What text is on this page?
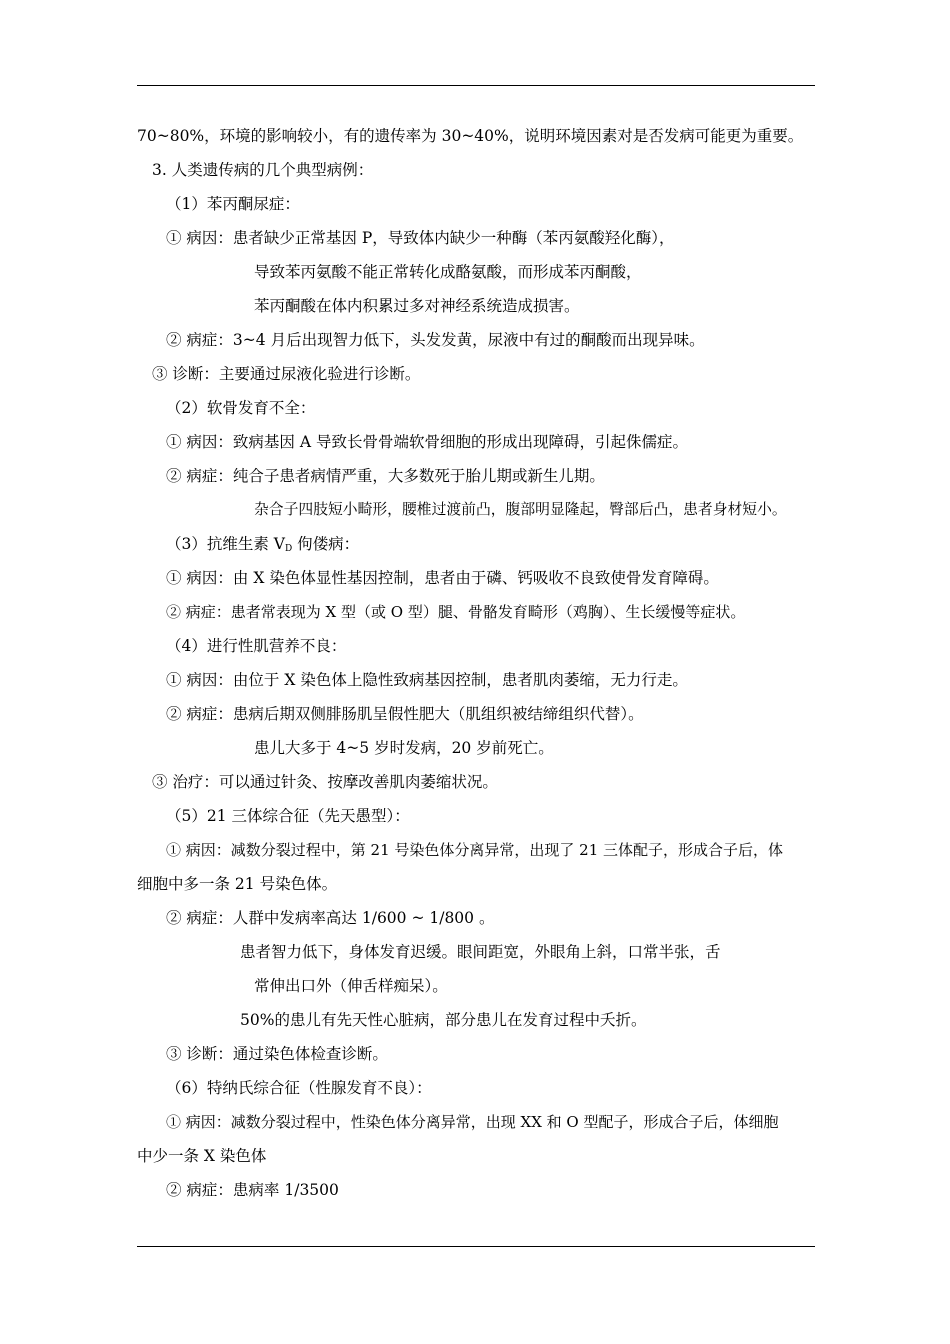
70~80%，环境的影响较小，有的遗传率为 30~40%，说明环境因素对是否发病可能更为重要。
3. 人类遗传病的几个典型病例：
（1）苯丙酮尿症：
① 病因：患者缺少正常基因 P，导致体内缺少一种酶（苯丙氨酸羟化酶），
导致苯丙氨酸不能正常转化成酪氨酸，而形成苯丙酮酸，
苯丙酮酸在体内积累过多对神经系统造成损害。
② 病症：3~4 月后出现智力低下，头发发黄，尿液中有过的酮酸而出现异味。
③ 诊断：主要通过尿液化验进行诊断。
（2）软骨发育不全：
① 病因：致病基因 A 导致长骨骨端软骨细胞的形成出现障碍，引起侏儒症。
② 病症：纯合子患者病情严重，大多数死于胎儿期或新生儿期。
杂合子四肢短小畸形，腰椎过渡前凸，腹部明显隆起，臀部后凸，患者身材短小。
（3）抗维生素 $V_D$ 佝偻病：
① 病因：由 X 染色体显性基因控制，患者由于磷、钙吸收不良致使骨发育障碍。
② 病症：患者常表现为 X 型（或 O 型）腿、骨骼发育畸形（鸡胸）、生长缓慢等症状。
（4）进行性肌营养不良：
① 病因：由位于 X 染色体上隐性致病基因控制，患者肌肉萎缩，无力行走。
② 病症：患病后期双侧腓肠肌呈假性肥大（肌组织被结缔组织代替）。
患儿大多于 4~5 岁时发病，20 岁前死亡。
③ 治疗：可以通过针灸、按摩改善肌肉萎缩状况。
（5）21 三体综合征（先天愚型）：
① 病因：减数分裂过程中，第 21 号染色体分离异常，出现了 21 三体配子，形成合子后，体
细胞中多一条 21 号染色体。
② 病症：人群中发病率高达 1/600 ~ 1/800 。
患者智力低下，身体发育迟缓。眼间距宽，外眼角上斜，口常半张，舌
常伸出口外（伸舌样痴呆）。
50%的患儿有先天性心脏病，部分患儿在发育过程中夭折。
③ 诊断：通过染色体检查诊断。
（6）特纳氏综合征（性腺发育不良）：
① 病因：减数分裂过程中，性染色体分离异常，出现 XX 和 O 型配子，形成合子后，体细胞
中少一条 X 染色体
② 病症：患病率 1/3500
